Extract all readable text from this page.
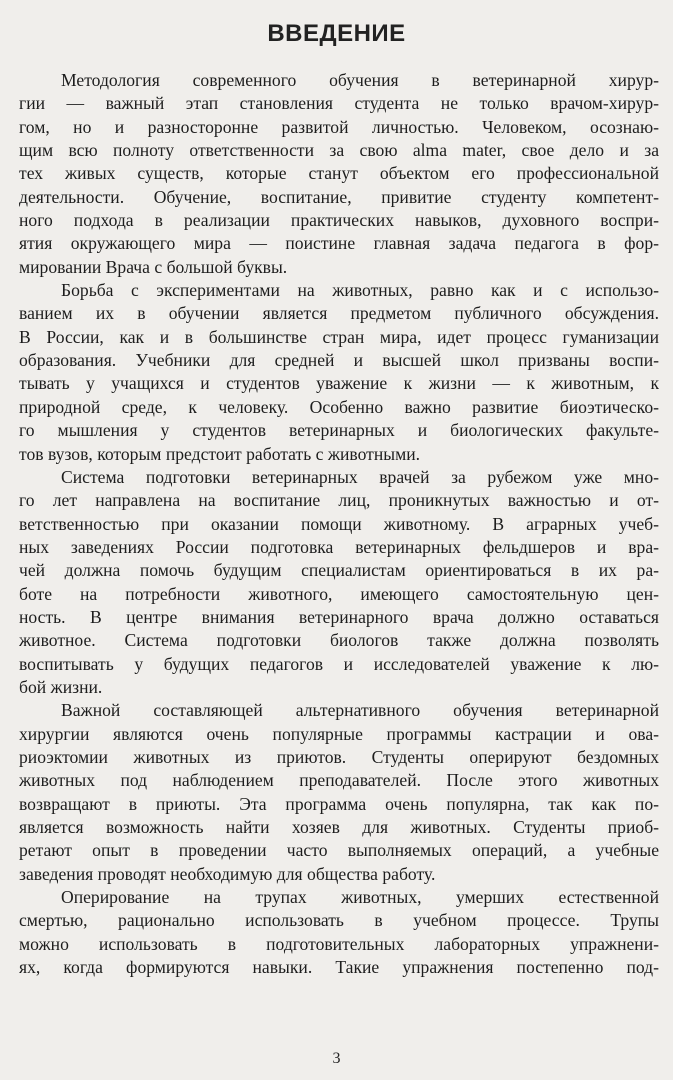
ВВЕДЕНИЕ
Методология современного обучения в ветеринарной хирур-
гии — важный этап становления студента не только врачом-хирур-
гом, но и разносторонне развитой личностью. Человеком, осознаю-
щим всю полноту ответственности за свою alma mater, свое дело и за
тех живых существ, которые станут объектом его профессиональной
деятельности. Обучение, воспитание, привитие студенту компетент-
ного подхода в реализации практических навыков, духовного воспри-
ятия окружающего мира — поистине главная задача педагога в фор-
мировании Врача с большой буквы.
Борьба с экспериментами на животных, равно как и с использо-
ванием их в обучении является предметом публичного обсуждения.
В России, как и в большинстве стран мира, идет процесс гуманизации
образования. Учебники для средней и высшей школ призваны воспи-
тывать у учащихся и студентов уважение к жизни — к животным, к
природной среде, к человеку. Особенно важно развитие биоэтическо-
го мышления у студентов ветеринарных и биологических факульте-
тов вузов, которым предстоит работать с животными.
Система подготовки ветеринарных врачей за рубежом уже мно-
го лет направлена на воспитание лиц, проникнутых важностью и от-
ветственностью при оказании помощи животному. В аграрных учеб-
ных заведениях России подготовка ветеринарных фельдшеров и вра-
чей должна помочь будущим специалистам ориентироваться в их ра-
боте на потребности животного, имеющего самостоятельную цен-
ность. В центре внимания ветеринарного врача должно оставаться
животное. Система подготовки биологов также должна позволять
воспитывать у будущих педагогов и исследователей уважение к лю-
бой жизни.
Важной составляющей альтернативного обучения ветеринарной
хирургии являются очень популярные программы кастрации и ова-
риоэктомии животных из приютов. Студенты оперируют бездомных
животных под наблюдением преподавателей. После этого животных
возвращают в приюты. Эта программа очень популярна, так как по-
является возможность найти хозяев для животных. Студенты приоб-
ретают опыт в проведении часто выполняемых операций, а учебные
заведения проводят необходимую для общества работу.
Оперирование на трупах животных, умерших естественной
смертью, рационально использовать в учебном процессе. Трупы
можно использовать в подготовительных лабораторных упражнени-
ях, когда формируются навыки. Такие упражнения постепенно под-
3
